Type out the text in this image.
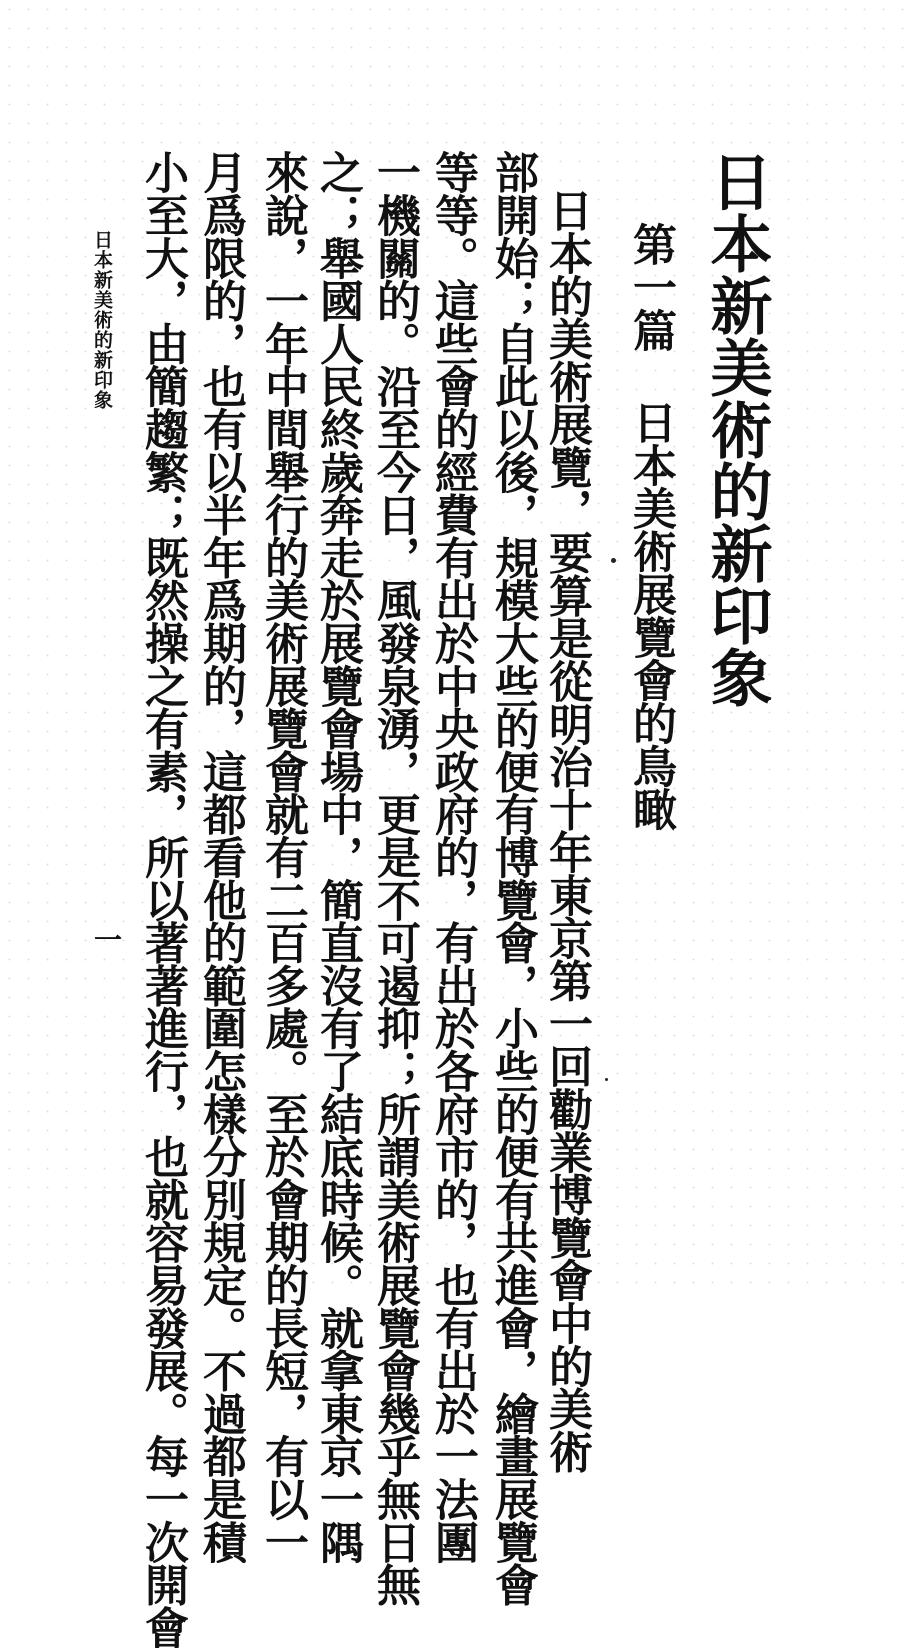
日本新美術的新印象
第一篇
日本美術展覽會的鳥瞰
日本的美術展覽，要算是從明治十年東京第一回勸業博覽會中的美術
部開始；自此以後，規模大些的便有博覽會，小些的便有共進會，繪畫展覽會
等等。這些會的經費有出於中央政府的，有出於各府市的，也有出於一法團
一機關的。沿至今日，風發泉湧，更是不可遏抑；所謂美術展覽會幾乎無日無
之；舉國人民終歲奔走於展覽會場中，簡直沒有了結底時候。就拿東京一隅
來說，一年中間舉行的美術展覽會就有二百多處。至於會期的長短，有以一
月爲限的，也有以半年爲期的，這都看他的範圍怎樣分別規定。不過都是積
小至大，由簡趨繁；既然操之有素，所以著著進行，也就容易發展。每一次開會
日本新美術的新印象
一
